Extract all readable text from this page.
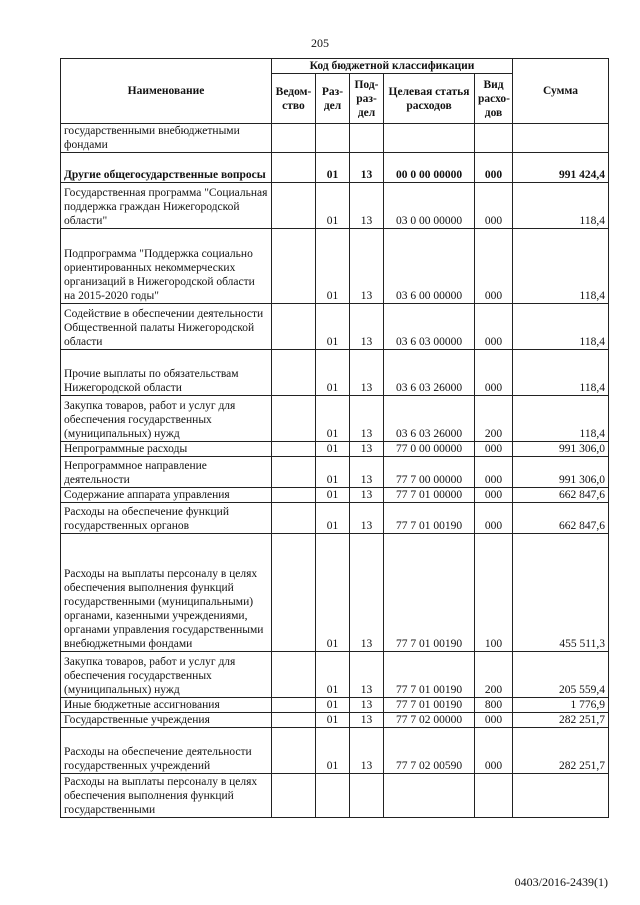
205
Наименование	Код бюджетной классификации					Сумма
	Ведом-ство	Раз-дел	Под-раз-дел	Целевая статья расходов	Вид расхо-дов	
государственными внебюджетными фондами						
Другие общегосударственные вопросы		01	13	00 0 00 00000	000	991 424,4
Государственная программа "Социальная поддержка граждан Нижегородской области"		01	13	03 0 00 00000	000	118,4
Подпрограмма "Поддержка социально ориентированных некоммерческих организаций в Нижегородской области на 2015-2020 годы"		01	13	03 6 00 00000	000	118,4
Содействие в обеспечении деятельности Общественной палаты Нижегородской области		01	13	03 6 03 00000	000	118,4
Прочие выплаты по обязательствам Нижегородской области		01	13	03 6 03 26000	000	118,4
Закупка товаров, работ и услуг для обеспечения государственных (муниципальных) нужд		01	13	03 6 03 26000	200	118,4
Непрограммные расходы		01	13	77 0 00 00000	000	991 306,0
Непрограммное направление деятельности		01	13	77 7 00 00000	000	991 306,0
Содержание аппарата управления		01	13	77 7 01 00000	000	662 847,6
Расходы на обеспечение функций государственных органов		01	13	77 7 01 00190	000	662 847,6
Расходы на выплаты персоналу в целях обеспечения выполнения функций государственными (муниципальными) органами, казенными учреждениями, органами управления государственными внебюджетными фондами		01	13	77 7 01 00190	100	455 511,3
Закупка товаров, работ и услуг для обеспечения государственных (муниципальных) нужд		01	13	77 7 01 00190	200	205 559,4
Иные бюджетные ассигнования		01	13	77 7 01 00190	800	1 776,9
Государственные учреждения		01	13	77 7 02 00000	000	282 251,7
Расходы на обеспечение деятельности государственных учреждений		01	13	77 7 02 00590	000	282 251,7
Расходы на выплаты персоналу в целях обеспечения выполнения функций государственными						
0403/2016-2439(1)
